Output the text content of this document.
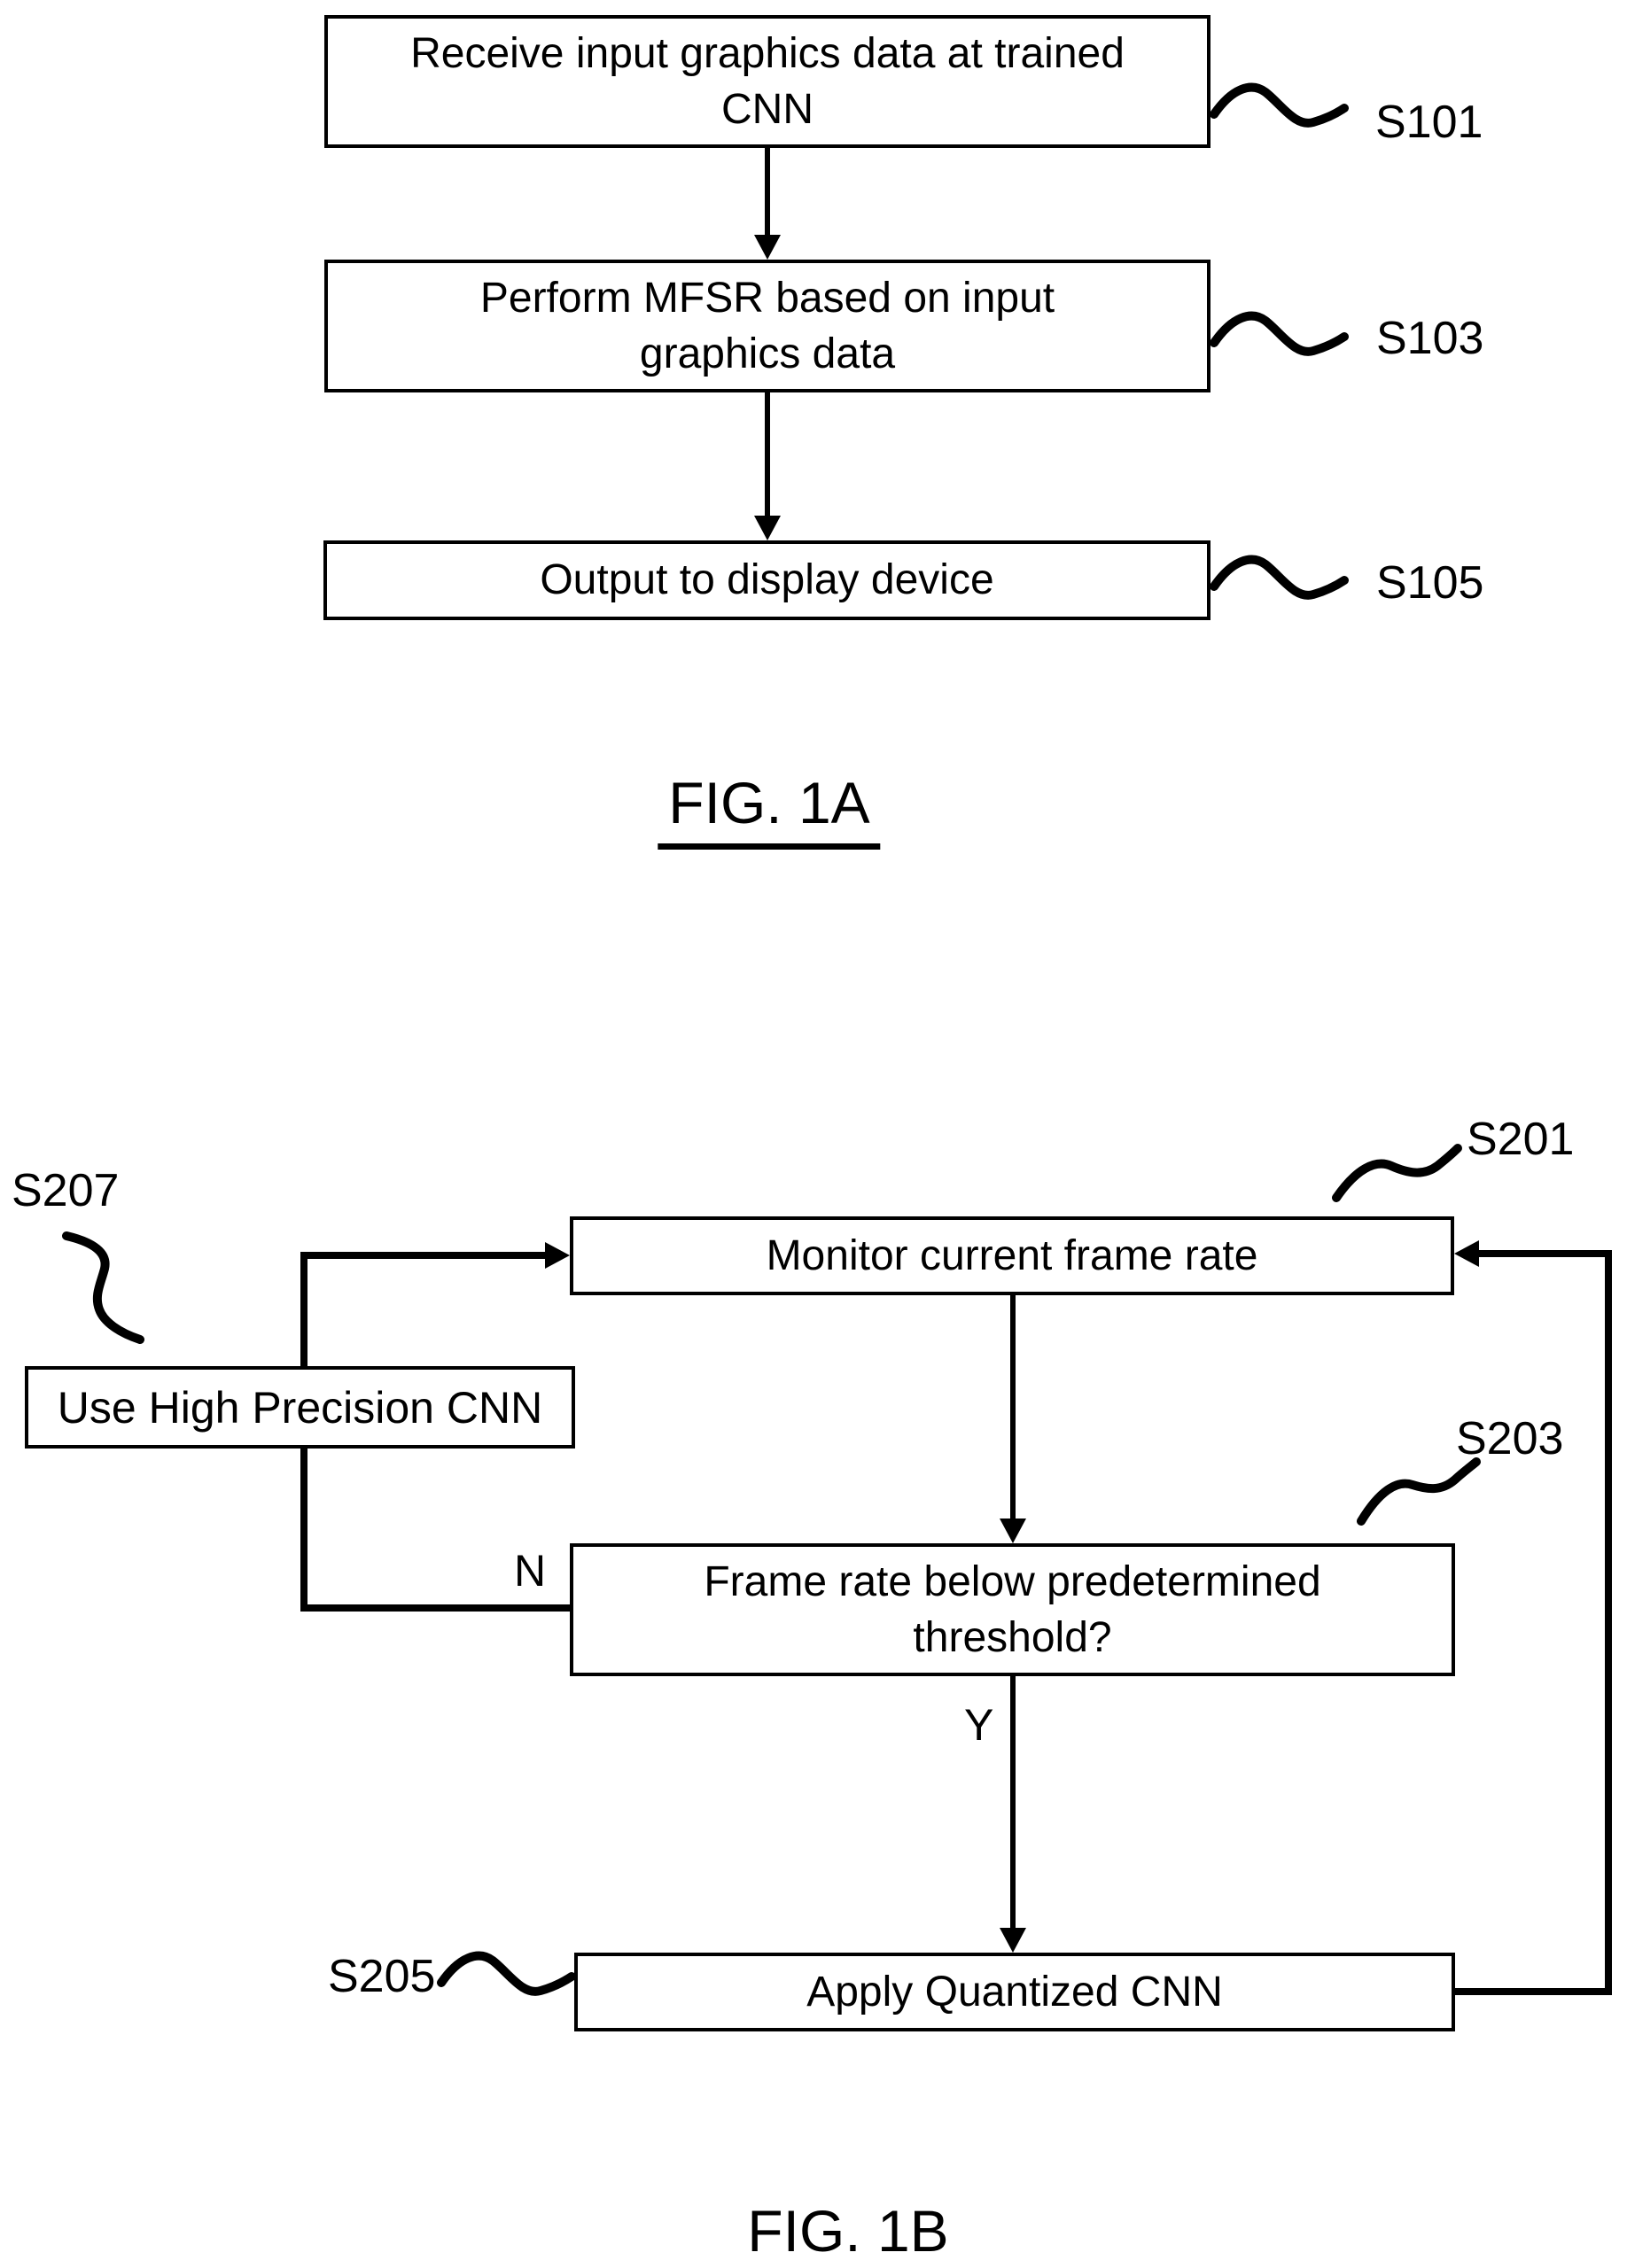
Receive input graphics data at trained CNN
Perform MFSR based on input graphics data
Output to display device
S101
S103
S105
FIG. 1A
Monitor current frame rate
Use High Precision CNN
Frame rate below predetermined threshold?
Apply Quantized CNN
S201
S203
S205
S207
N
Y
FIG. 1B
